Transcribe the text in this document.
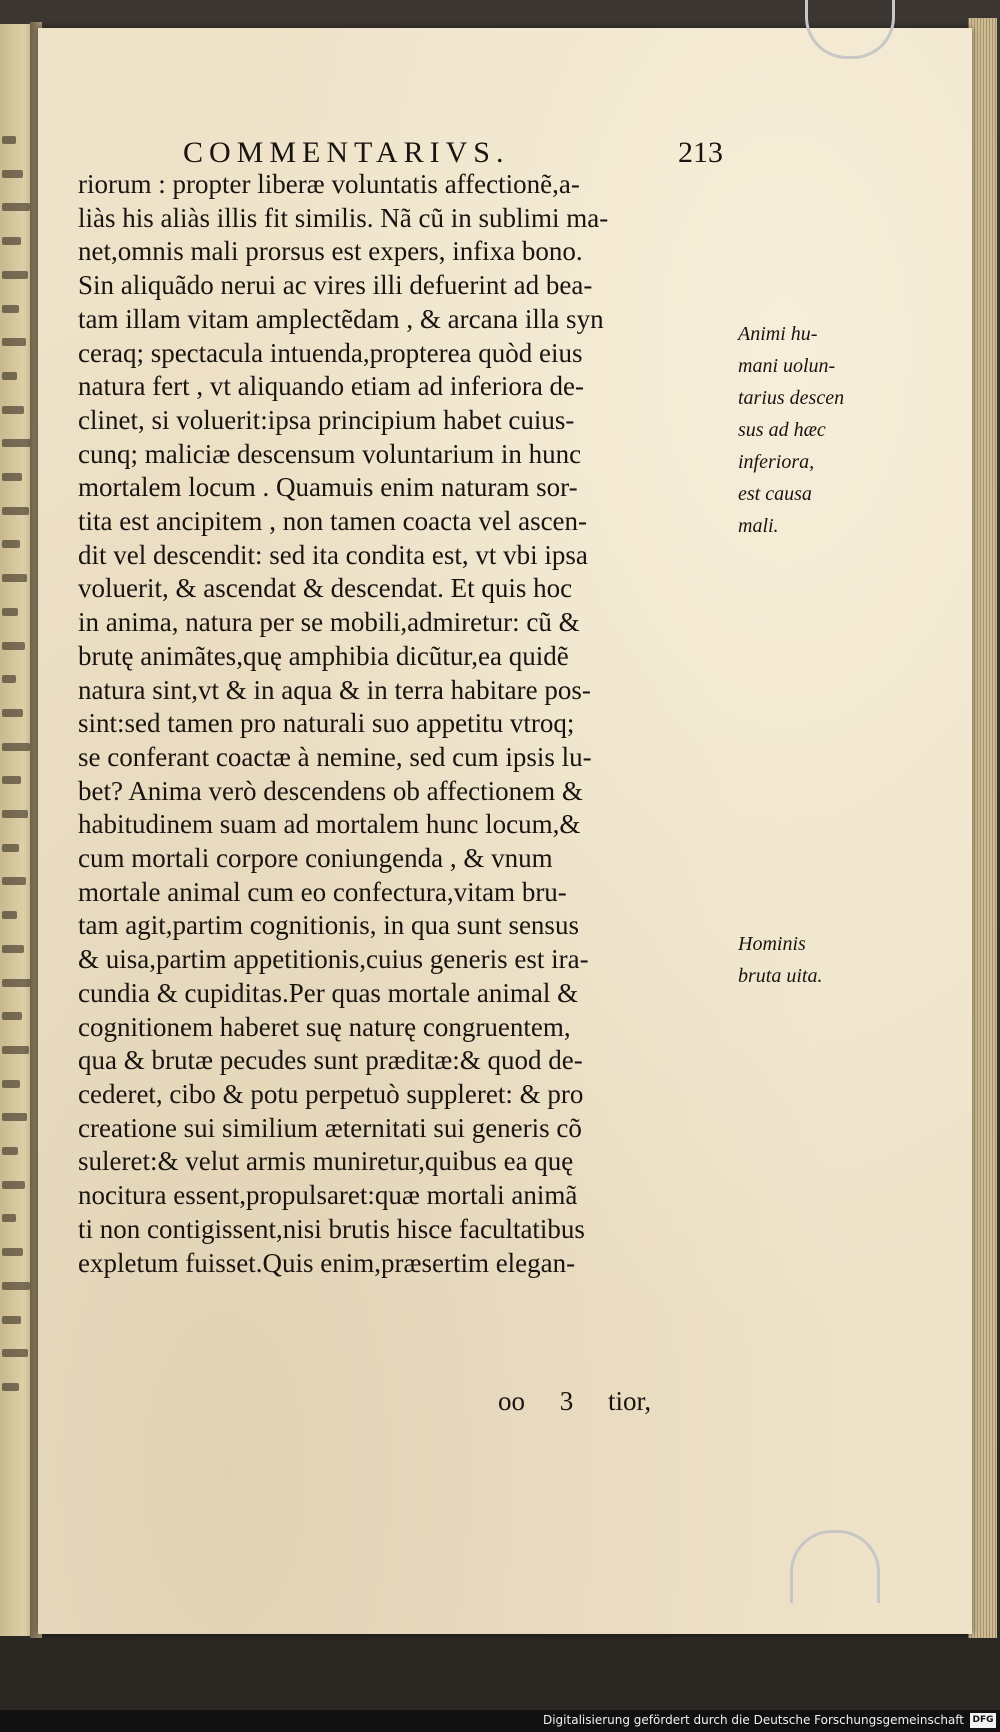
COMMENTARIVS.	213
riorum : propter liberæ voluntatis affectionẽ,a-
liàs his aliàs illis fit similis. Nã cũ in sublimi ma-
net,omnis mali prorsus est expers, infixa bono.
Sin aliquãdo nerui ac vires illi defuerint ad bea-
tam illam vitam amplectẽdam , & arcana illa syn
ceraq; spectacula intuenda,propterea quòd eius
natura fert , vt aliquando etiam ad inferiora de-
clinet, si voluerit:ipsa principium habet cuius-
cunq; maliciæ descensum voluntarium in hunc
mortalem locum . Quamuis enim naturam sor-
tita est ancipitem , non tamen coacta vel ascen-
dit vel descendit: sed ita condita est, vt vbi ipsa
voluerit, & ascendat & descendat. Et quis hoc
in anima, natura per se mobili,admiretur: cũ &
brutę animãtes,quę amphibia dicũtur,ea quidẽ
natura sint,vt & in aqua & in terra habitare pos-
sint:sed tamen pro naturali suo appetitu vtroq;
se conferant coactæ à nemine, sed cum ipsis lu-
bet? Anima verò descendens ob affectionem &
habitudinem suam ad mortalem hunc locum,&
cum mortali corpore coniungenda , & vnum
mortale animal cum eo confectura,vitam bru-
tam agit,partim cognitionis, in qua sunt sensus
& uisa,partim appetitionis,cuius generis est ira-
cundia & cupiditas.Per quas mortale animal &
cognitionem haberet suę naturę congruentem,
qua & brutæ pecudes sunt præditæ:& quod de-
cederet, cibo & potu perpetuò suppleret: & pro
creatione sui similium æternitati sui generis cõ
suleret:& velut armis muniretur,quibus ea quę
nocitura essent,propulsaret:quæ mortali animã
ti non contigissent,nisi brutis hisce facultatibus
expletum fuisset.Quis enim,præsertim elegan-
oo 3 tior,
Animi hu-
mani uolun-
tarius descen
sus ad hæc
inferiora,
est causa
mali.
Hominis
bruta uita.
Digitalisierung gefördert durch die Deutsche Forschungsgemeinschaft DFG
